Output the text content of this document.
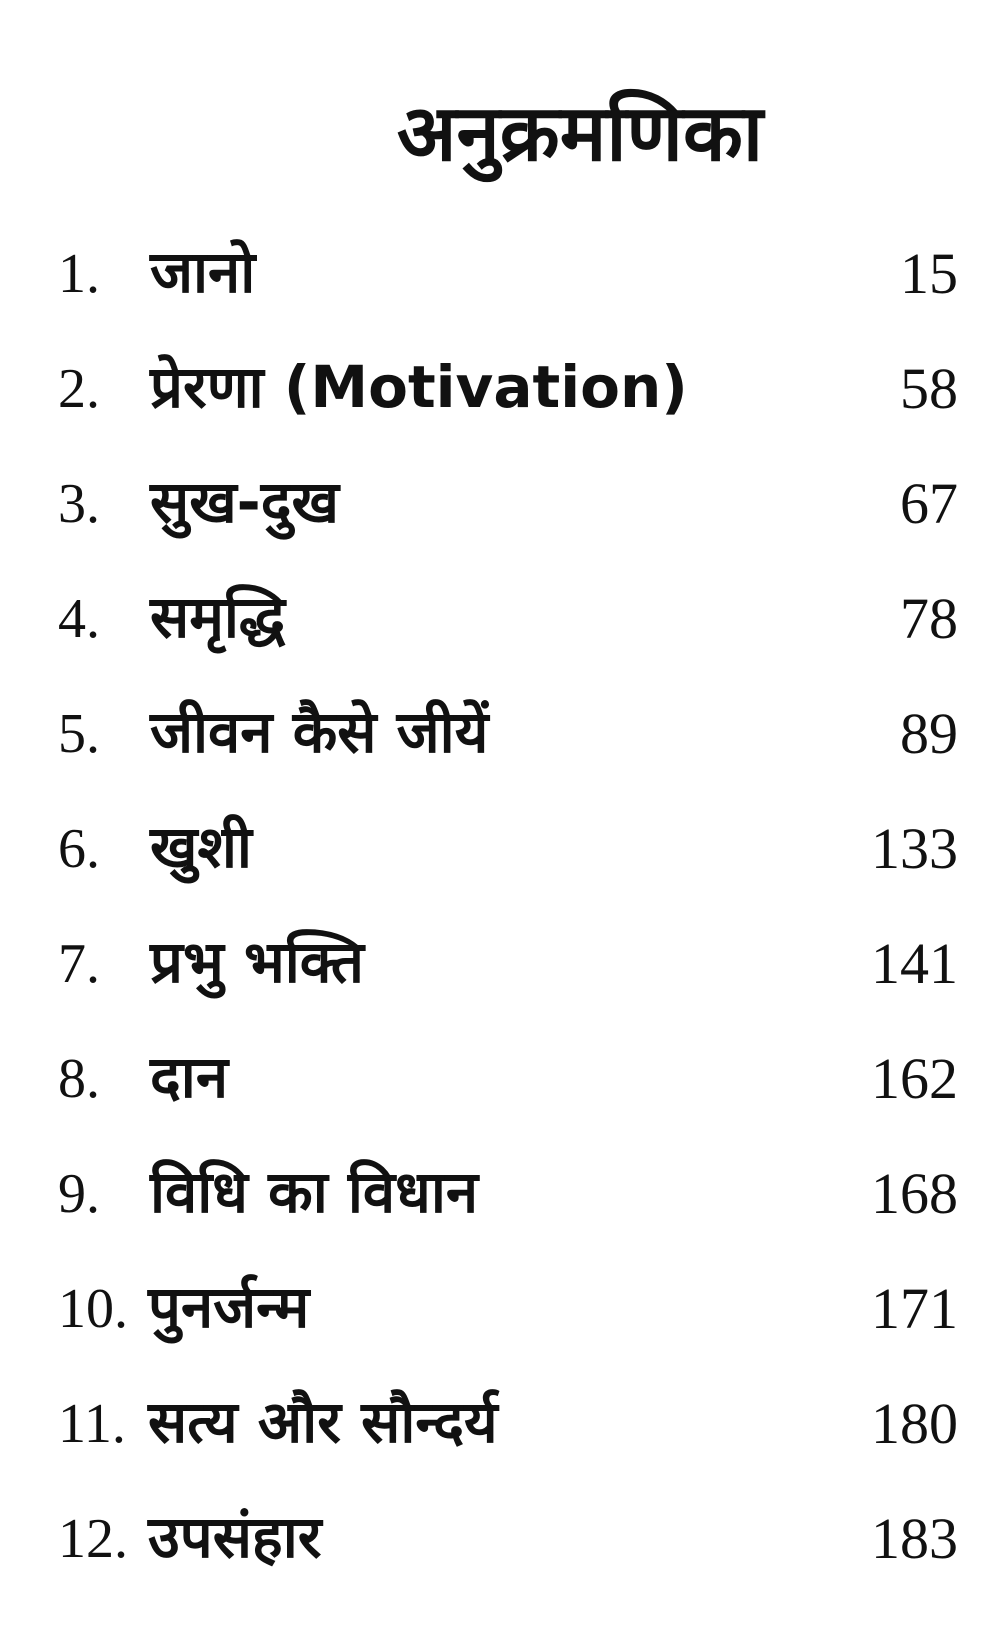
अनुक्रमणिका
1. जानो	15
2. प्रेरणा (Motivation)	58
3. सुख-दुख	67
4. समृद्धि	78
5. जीवन कैसे जीयें	89
6. खुशी	133
7. प्रभु भक्ति	141
8. दान	162
9. विधि का विधान	168
10. पुनर्जन्म	171
11. सत्य और सौन्दर्य	180
12. उपसंहार	183
